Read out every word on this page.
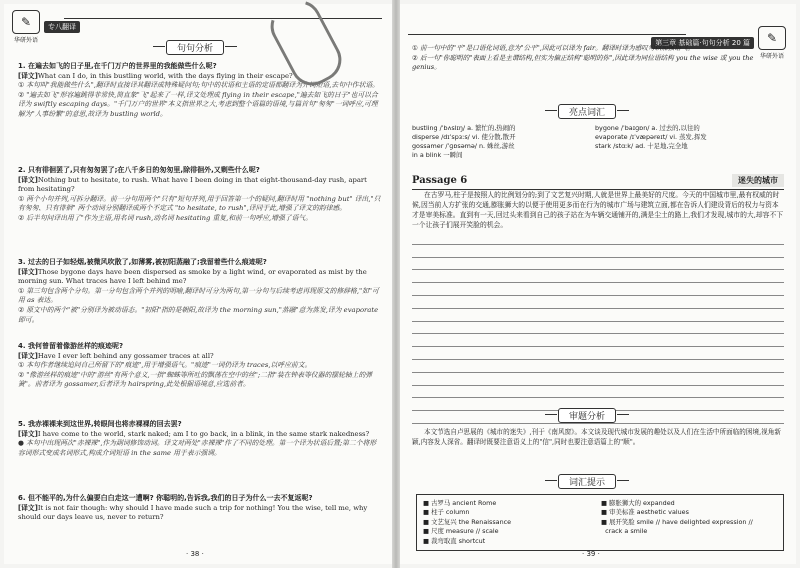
✎
华研外语
专八翻译
句句分析
1. 在遍去如飞的日子里,在千门万户的世界里的我能做些什么呢?
[译文]What can I do, in this bustling world, with the days flying in their escape?
① 本句叫"我能做些什么",翻译时直接译其翻译成特殊疑问句;句中的状语和主语的定语都翻译为介词短语,去句中作状语。
② "遍去如飞"形容遍跳得非常快,简直象"飞"起来了一样,译文处理成 flying in their escape,"遍去如飞的日子"也可以合译为 swiftly escaping days。"千门万户的世界"本义指世界之大,考虑到整个语篇的语境,与篇首句"匆匆"一词呼应,可理解为"人事纷繁"的意思,故译为 bustling world。
2. 只有徘徊罢了,只有匆匆罢了;在八千多日的匆匆里,除徘徊外,又剩些什么呢?
[译文]Nothing but to hesitate, to rush. What have I been doing in that eight-thousand-day rush, apart from hesitating?
① 两个小句并列,可拆分翻译。前一分句用两个"只有"短句并列,用于回答第一个的疑问,翻译时用 "nothing but" 译出,"只有匆匆、只有徘徊" 两个动词分别翻译成两个不定式 "to hesitate, to rush",译同于此,增强了译文的韵律感。
② 后半句问译出用了"作为主语,用名词 rush,动名词 hesitating 重复,和前一句呼应,增强了语气。
3. 过去的日子如轻烟,被微风吹散了,如薄雾,被初阳蒸融了;我留着些什么痕迹呢?
[译文]Those bygone days have been dispersed as smoke by a light wind, or evaporated as mist by the morning sun. What traces have I left behind me?
① 第三句包含两个分句。第一分句包含两个并列的明喻,翻译时可分为两句,第一分句与后续考虑再现原文的修辞格,"如"可用 as 表达。
② 原文中的两个"被"分别译为被动语态。"初阳"指的是朝阳,故译为 the morning sun,"蒸融"意为蒸发,译为 evaporate 即可。
4. 我何曾留着像游丝样的痕迹呢?
[译文]Have I ever left behind any gossamer traces at all?
① 本句作者继续追问自己所留下的"痕迹",用于增强语气。"痕迹"一词仍译为 traces,以呼应前文。
② "像游丝样的痕迹"中的"游丝"有两个意义,一指"蜘蛛等所吐的飘荡在空中的丝";二指"装在钟表等仪器的摆轮轴上的弹簧"。前者译为 gossamer,后者译为 hairspring,此处根据语境意,应选前者。
5. 我赤裸裸来到这世界,转眼间也将赤裸裸的回去罢?
[译文]I have come to the world, stark naked; am I to go back, in a blink, in the same stark nakedness?
● 本句中出现两次"赤裸裸",作为副词修饰动词。译文对两处"赤裸裸"作了不同的处理。第一个译为状语后置;第二个将形容词形式变成名词形式,构成介词短语 in the same 用于表示强调。
6. 但不能平的,为什么偏要白白走这一遭啊? 你聪明的,告诉我,我们的日子为什么一去不复返呢?
[译文]It is not fair though: why should I have made such a trip for nothing! You the wise, tell me, why should our days leave us, never to return?
· 38 ·
第三章 基础篇·句句分析 20 篇	✎
华研外语
① 前一句中的"平"是口语化词语,意为"公平",因此可以译为 fair。翻译时译为感叹句以加强语气。
② 后一句"你聪明的"表面上看是主谓结构,但实为偏正结构"聪明的你",因此译为同位语结构 you the wise 或 you the genius。
亮点词汇
bustling /ˈbʌslɪŋ/ a. 繁忙的,热闹的	bygone /ˈbaɪɡɒn/ a. 过去的,以往的
disperse /dɪˈspɜːs/ vi. 使分散,散开	evaporate /ɪˈvæpəreɪt/ vi. 蒸发,挥发
gossamer /ˈɡɒsəmə/ n. 蛛丝,游丝	stark /stɑːk/ ad. 十足地,完全地
in a blink 一瞬间
Passage 6	迷失的城市
在古罗马,柱子是按照人的比例划分的;到了文艺复兴时期,人就是世界上最美好的尺度。今天的中国城市里,最有权威的时候,因当前人方扩张的交通,膨胀狮大的以便于使用更多而在行为的城市广场与建筑立面,都在告诉人们建设背后的权力与资本才是审美标准。直到有一天,回过头来看到自己的孩子站在为车辆交通铺开的,满是尘土的路上,我们才发现,城市的大,却容不下一个让孩子们展开笑脸的机会。
审题分析
本文节选自卢思展的《城市的迷失》,刊于《南风窗》。本文谈及现代城市发展的趣处以及人们在生活中所面临的困境,视角新颖,内容发人深省。翻译时既要注意语义上的"信",同时也要注意语篇上的"顺"。
词汇提示
■ 古罗马 ancient Rome	■ 膨胀狮大的 expanded
■ 柱子 column	■ 审美标准 aesthetic values
■ 文艺复兴 the Renaissance	■ 展开笑脸 smile // have delighted expression //
■ 尺度 measure // scale	crack a smile
■ 裁弯取直 shortcut
· 39 ·
